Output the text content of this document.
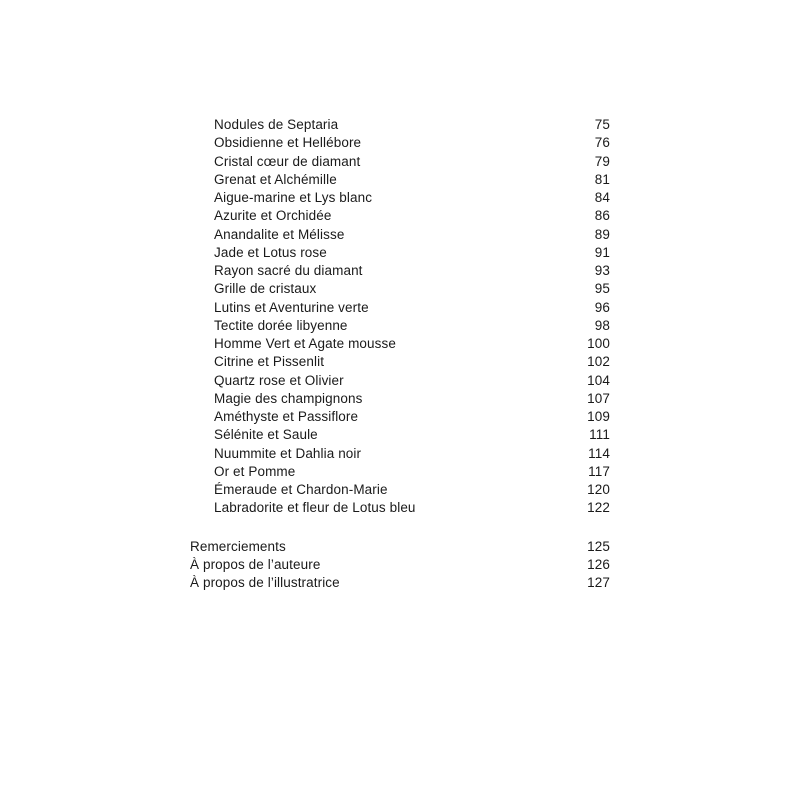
Nodules de Septaria	75
Obsidienne et Hellébore	76
Cristal cœur de diamant	79
Grenat et Alchémille	81
Aigue-marine et Lys blanc	84
Azurite et Orchidée	86
Anandalite et Mélisse	89
Jade et Lotus rose	91
Rayon sacré du diamant	93
Grille de cristaux	95
Lutins et Aventurine verte	96
Tectite dorée libyenne	98
Homme Vert et Agate mousse	100
Citrine et Pissenlit	102
Quartz rose et Olivier	104
Magie des champignons	107
Améthyste et Passiflore	109
Sélénite et Saule	111
Nuummite et Dahlia noir	114
Or et Pomme	117
Émeraude et Chardon-Marie	120
Labradorite et fleur de Lotus bleu	122
Remerciements	125
À propos de l’auteure	126
À propos de l’illustratrice	127
